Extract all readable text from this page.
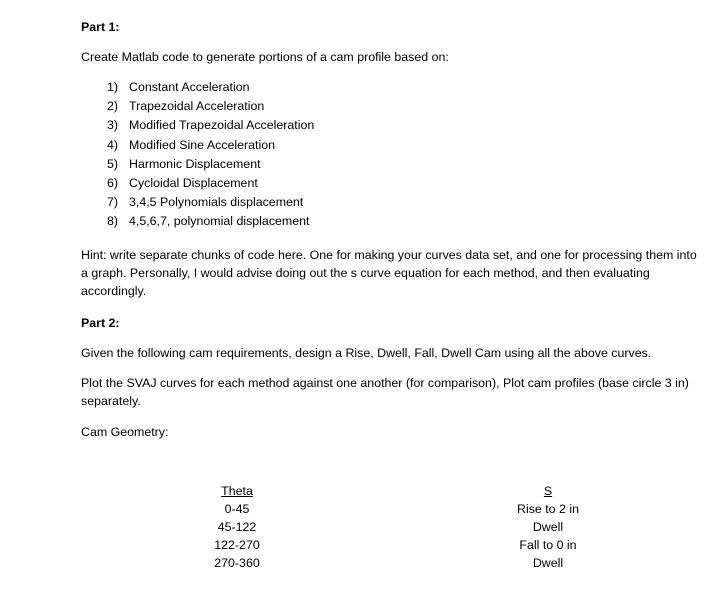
Part 1:
Create Matlab code to generate portions of a cam profile based on:
1) Constant Acceleration
2) Trapezoidal Acceleration
3) Modified Trapezoidal Acceleration
4) Modified Sine Acceleration
5) Harmonic Displacement
6) Cycloidal Displacement
7) 3,4,5 Polynomials displacement
8) 4,5,6,7, polynomial displacement
Hint: write separate chunks of code here. One for making your curves data set, and one for processing them into a graph. Personally, I would advise doing out the s curve equation for each method, and then evaluating accordingly.
Part 2:
Given the following cam requirements, design a Rise, Dwell, Fall, Dwell Cam using all the above curves.
Plot the SVAJ curves for each method against one another (for comparison), Plot cam profiles (base circle 3 in) separately.
Cam Geometry:
Theta
0-45
45-122
122-270
270-360
S
Rise to 2 in
Dwell
Fall to 0 in
Dwell
